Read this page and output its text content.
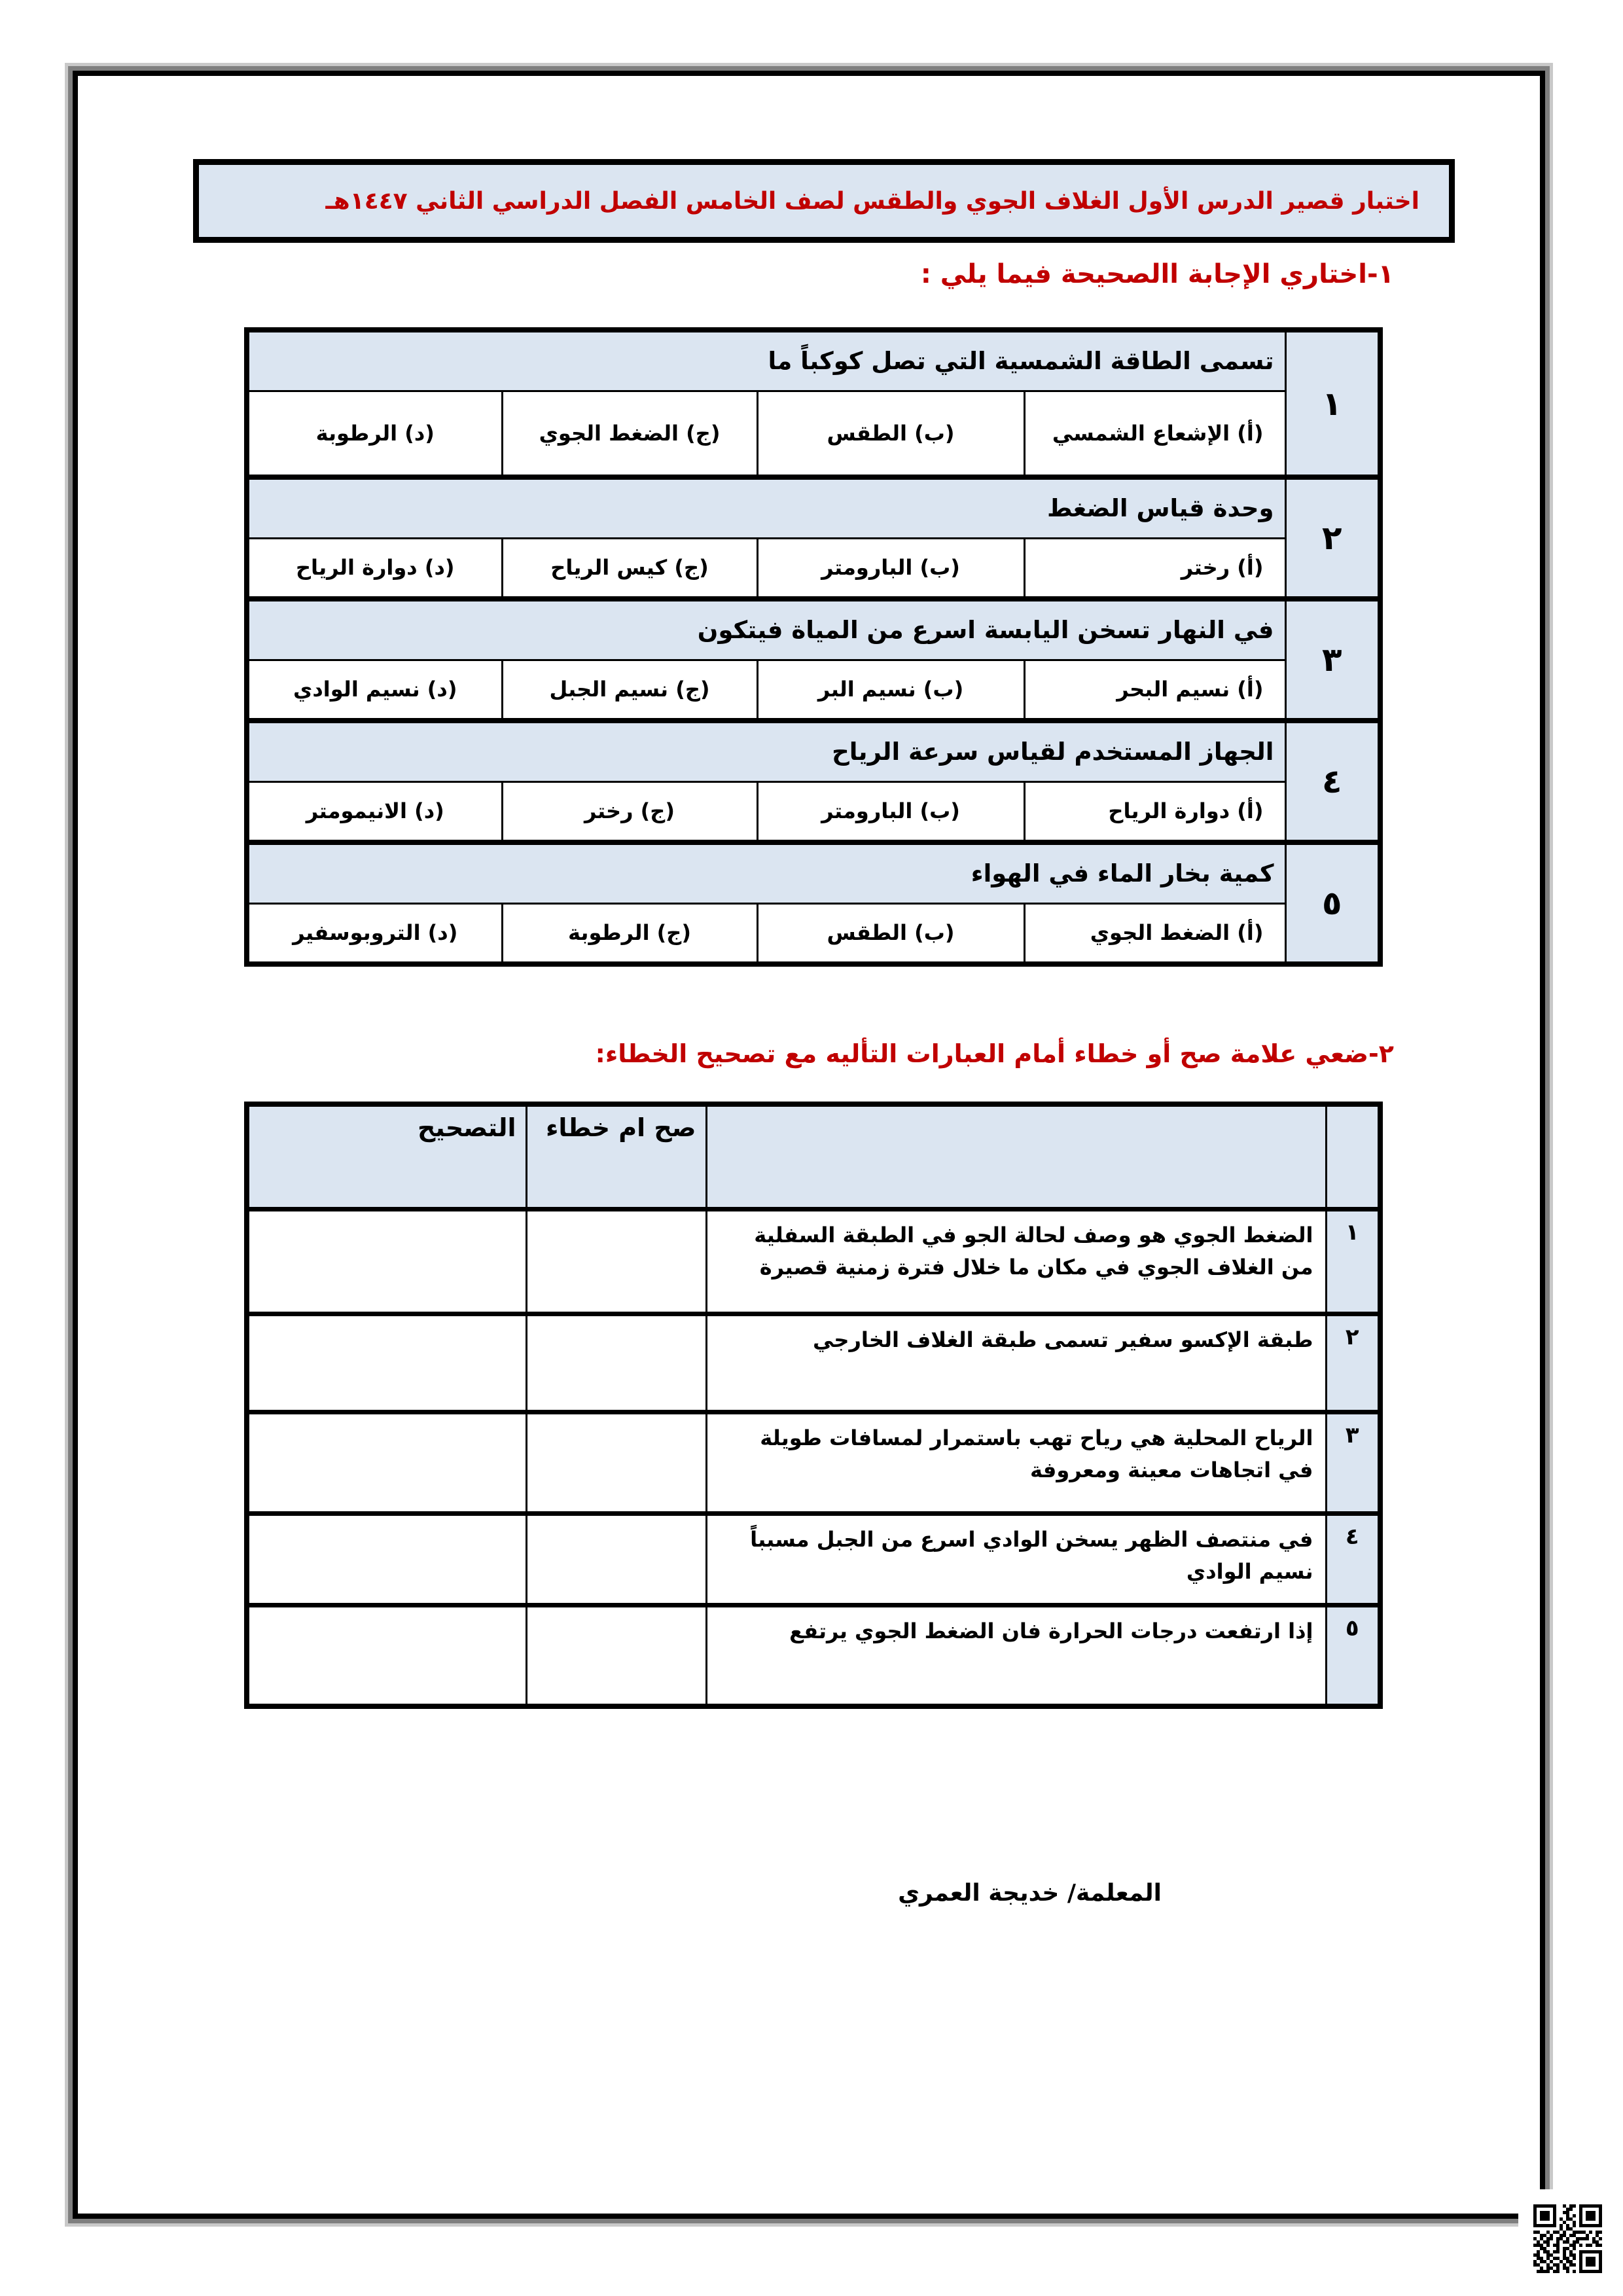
اختبار قصير الدرس الأول الغلاف الجوي والطقس لصف الخامس الفصل الدراسي الثاني ١٤٤٧هـ
١-اختاري الإجابة االصحيحة فيما يلي :
١	تسمى الطاقة الشمسية التي تصل كوكباً ما			
	(أ) الإشعاع الشمسي	(ب) الطقس	(ج) الضغط الجوي	(د) الرطوبة
٢	وحدة قياس الضغط			
	(أ) رختر	(ب) البارومتر	(ج) كيس الرياح	(د) دوارة الرياح
٣	في النهار تسخن اليابسة اسرع من المياة فيتكون			
	(أ) نسيم البحر	(ب) نسيم البر	(ج) نسيم الجبل	(د) نسيم الوادي
٤	الجهاز المستخدم لقياس سرعة الرياح			
	(أ) دوارة الرياح	(ب) البارومتر	(ج) رختر	(د) الانيمومتر
٥	كمية بخار الماء في الهواء			
	(أ) الضغط الجوي	(ب) الطقس	(ج) الرطوبة	(د) التروبوسفير
٢-ضعي علامة صح أو خطاء أمام العبارات التأليه مع تصحيح الخطاء:
		صح ام خطاء	التصحيح
١	الضغط الجوي هو وصف لحالة الجو في الطبقة السفلية من الغلاف الجوي في مكان ما خلال فترة زمنية قصيرة		
٢	طبقة الإكسو سفير تسمى طبقة الغلاف الخارجي		
٣	الرياح المحلية هي رياح تهب باستمرار لمسافات طويلة في اتجاهات معينة ومعروفة		
٤	في منتصف الظهر يسخن الوادي اسرع من الجبل مسبباً نسيم الوادي		
٥	إذا ارتفعت درجات الحرارة فان الضغط الجوي يرتفع		
المعلمة/ خديجة العمري
